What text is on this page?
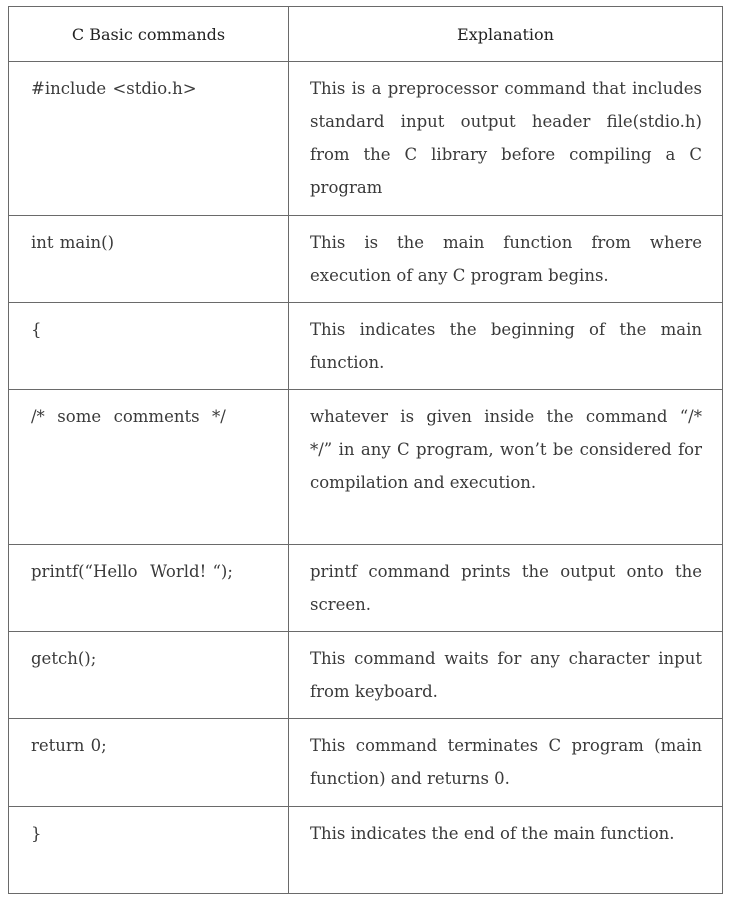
C Basic commands	Explanation
#include <stdio.h>	This is a preprocessor command that includes standard input output header file(stdio.h) from the C library before compiling a C program
int main()	This is the main function from where execution of any C program begins.
{	This indicates the beginning of the main function.
/*  some  comments  */	whatever is given inside the command “/*    */” in any C program, won’t be considered for compilation and execution.
printf(“Hello  World! “);	printf command prints the output onto the screen.
getch();	This command waits for any character input from keyboard.
return 0;	This command terminates C program (main function) and returns 0.
}	This indicates the end of the main function.
